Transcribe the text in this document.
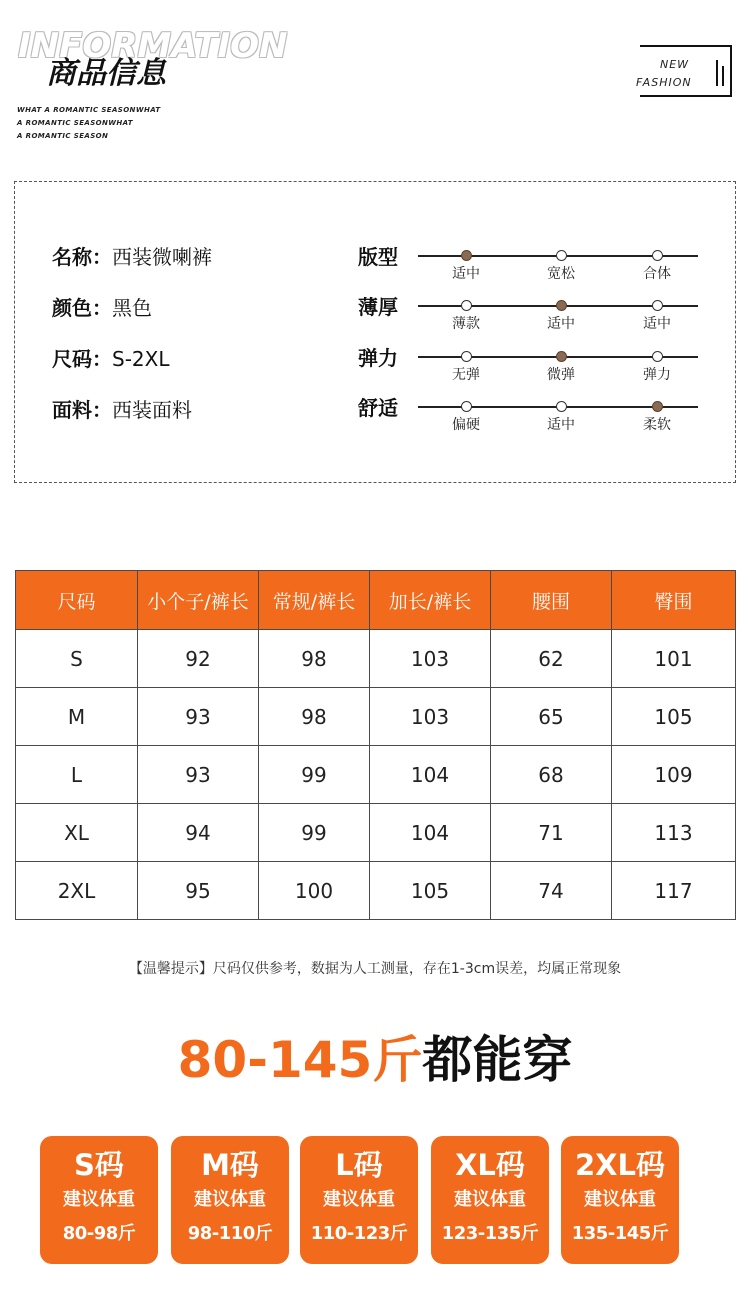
INFORMATION
商品信息
WHAT A ROMANTIC SEASONWHAT
A ROMANTIC SEASONWHAT
A ROMANTIC SEASON
NEW
FASHION
名称：西装微喇裤
颜色：黑色
尺码：S-2XL
面料：西装面料
版型
适中	宽松	合体
薄厚
薄款	适中	适中
弹力
无弹	微弹	弹力
舒适
偏硬	适中	柔软
尺码	小个子/裤长	常规/裤长	加长/裤长	腰围	臀围
S	92	98	103	62	101
M	93	98	103	65	105
L	93	99	104	68	109
XL	94	99	104	71	113
2XL	95	100	105	74	117
【温馨提示】尺码仅供参考，数据为人工测量，存在1-3cm误差，均属正常现象
80-145斤都能穿
S码
建议体重
80-98斤
M码
建议体重
98-110斤
L码
建议体重
110-123斤
XL码
建议体重
123-135斤
2XL码
建议体重
135-145斤
